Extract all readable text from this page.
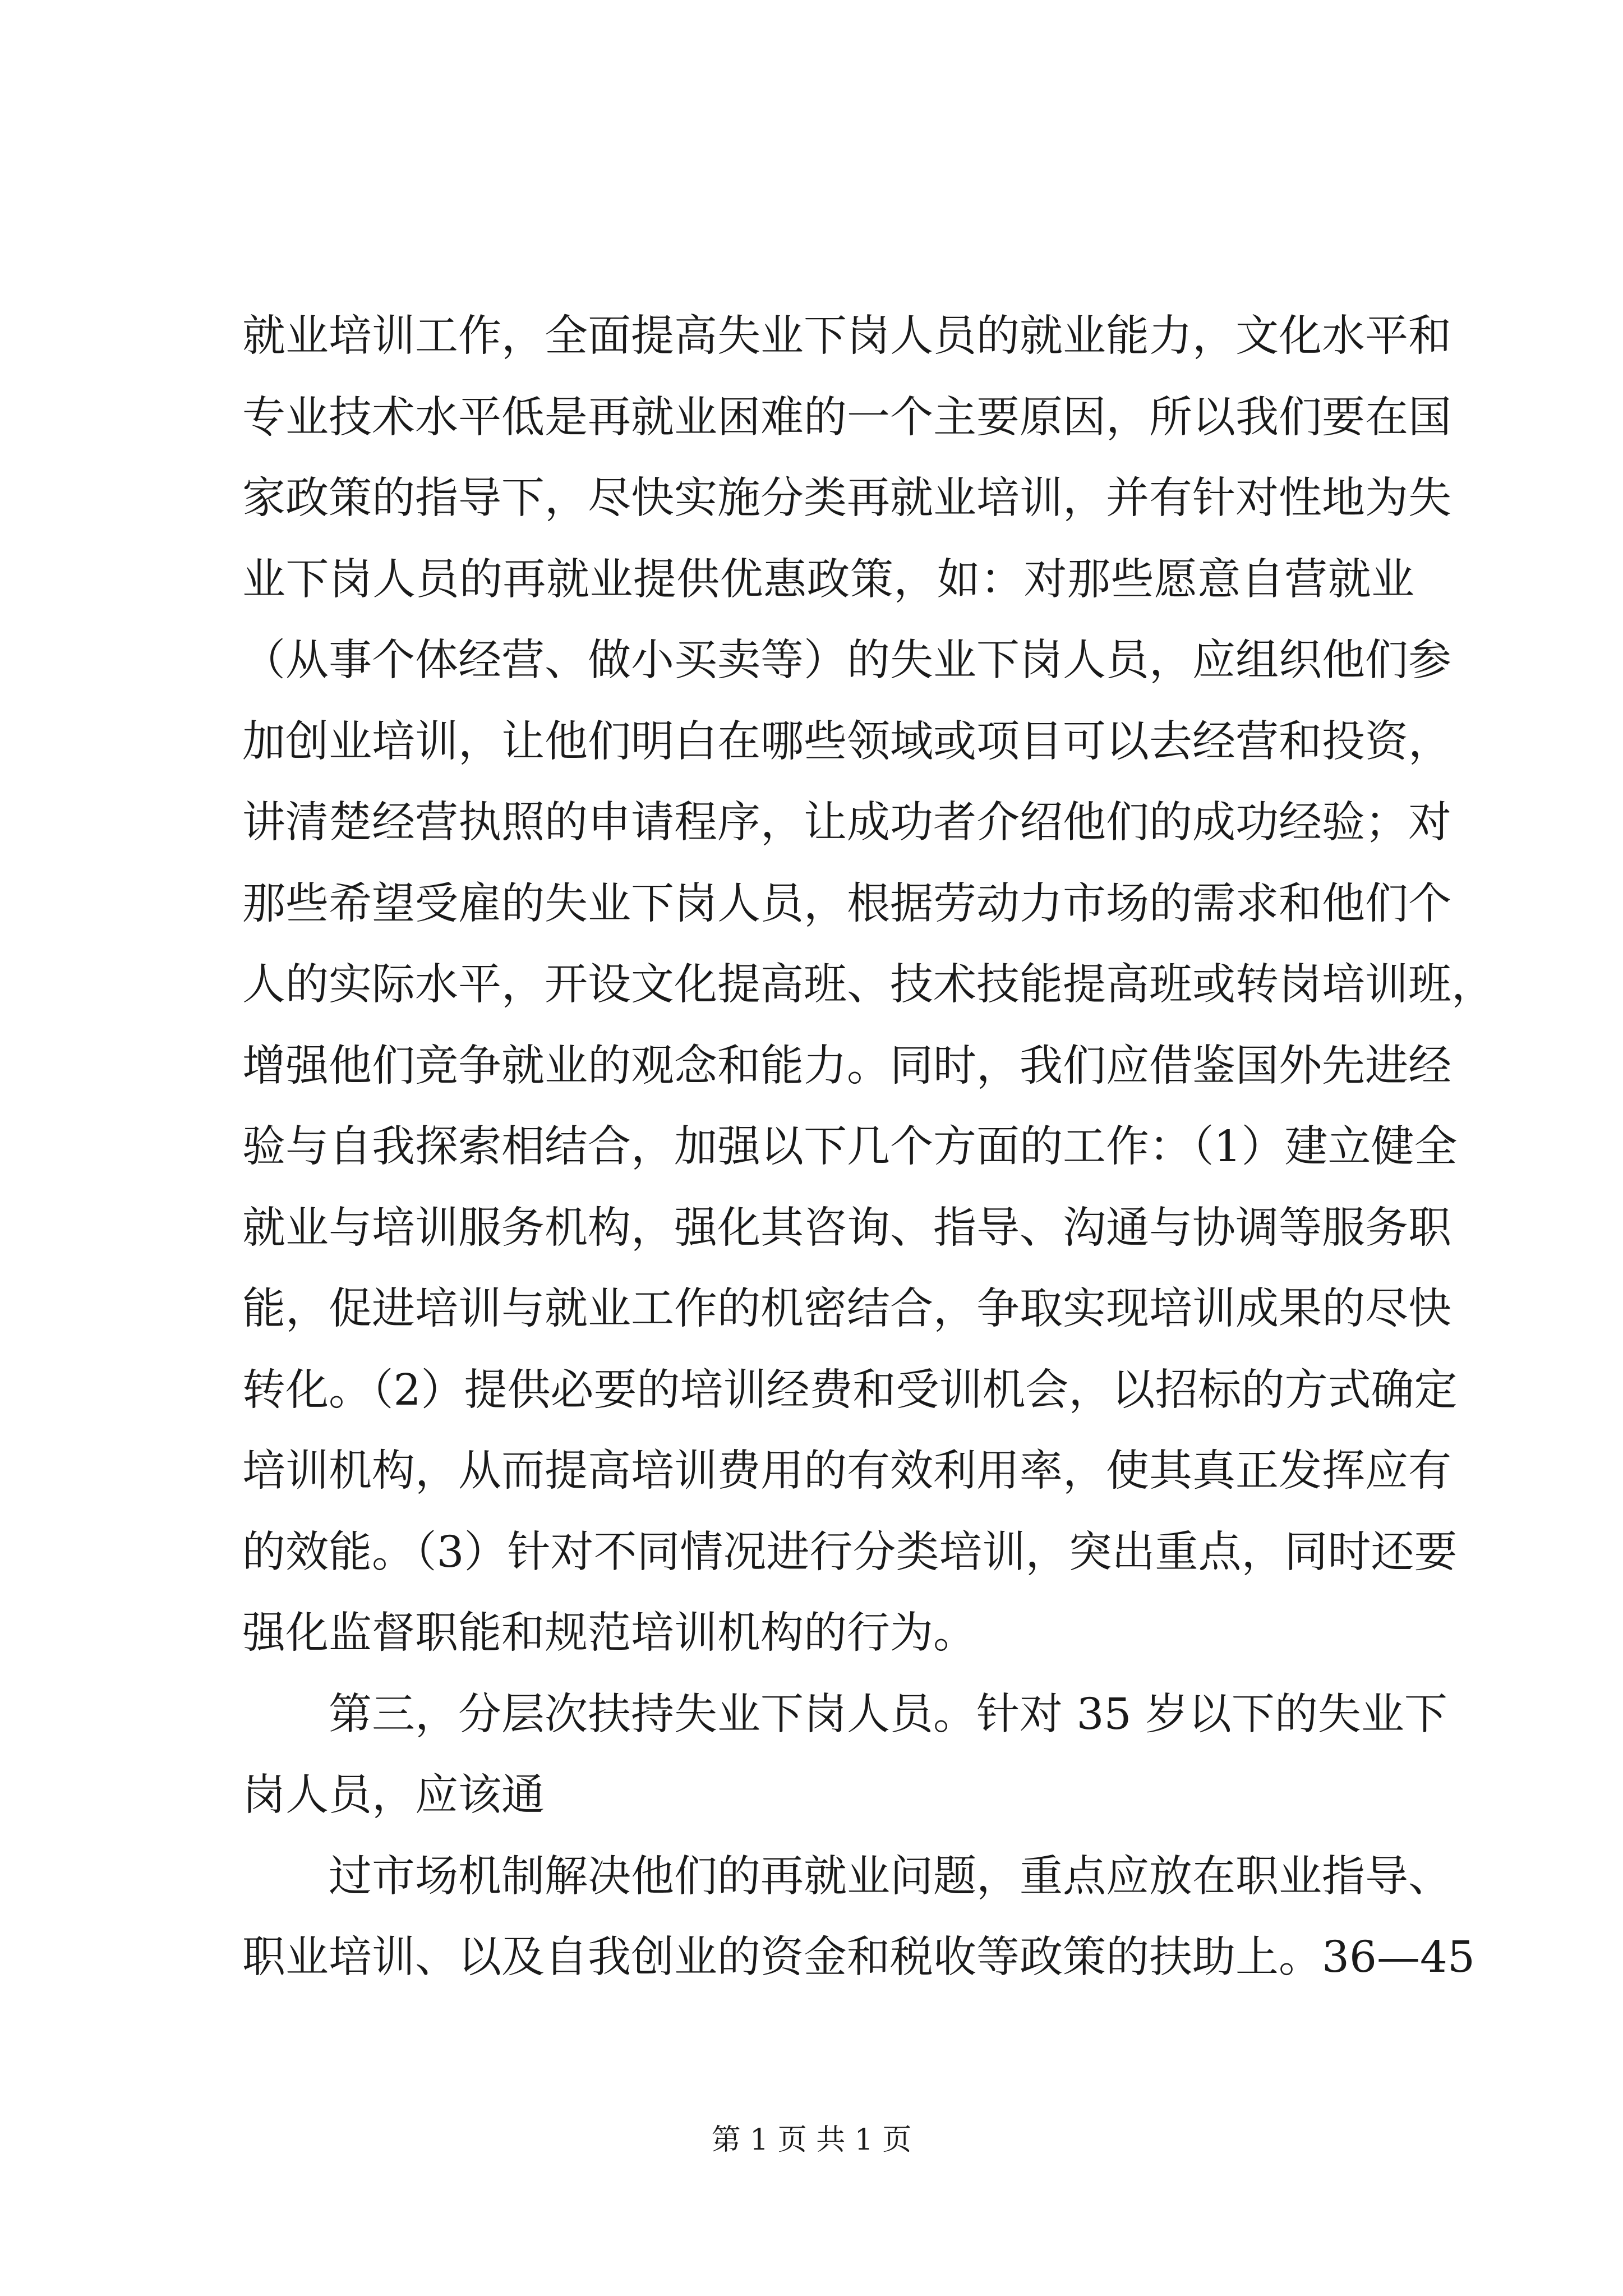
就业培训工作，全面提高失业下岗人员的就业能力，文化水平和
专业技术水平低是再就业困难的一个主要原因，所以我们要在国
家政策的指导下，尽快实施分类再就业培训，并有针对性地为失
业下岗人员的再就业提供优惠政策，如：对那些愿意自营就业
（从事个体经营、做小买卖等）的失业下岗人员，应组织他们参
加创业培训，让他们明白在哪些领域或项目可以去经营和投资，
讲清楚经营执照的申请程序，让成功者介绍他们的成功经验；对
那些希望受雇的失业下岗人员，根据劳动力市场的需求和他们个
人的实际水平，开设文化提高班、技术技能提高班或转岗培训班，
增强他们竞争就业的观念和能力。同时，我们应借鉴国外先进经
验与自我探索相结合，加强以下几个方面的工作：（1）建立健全
就业与培训服务机构，强化其咨询、指导、沟通与协调等服务职
能，促进培训与就业工作的机密结合，争取实现培训成果的尽快
转化。（2）提供必要的培训经费和受训机会，以招标的方式确定
培训机构，从而提高培训费用的有效利用率，使其真正发挥应有
的效能。（3）针对不同情况进行分类培训，突出重点，同时还要
强化监督职能和规范培训机构的行为。
第三，分层次扶持失业下岗人员。针对 35 岁以下的失业下
岗人员，应该通
过市场机制解决他们的再就业问题，重点应放在职业指导、
职业培训、以及自我创业的资金和税收等政策的扶助上。36—45
第 1 页 共 1 页
